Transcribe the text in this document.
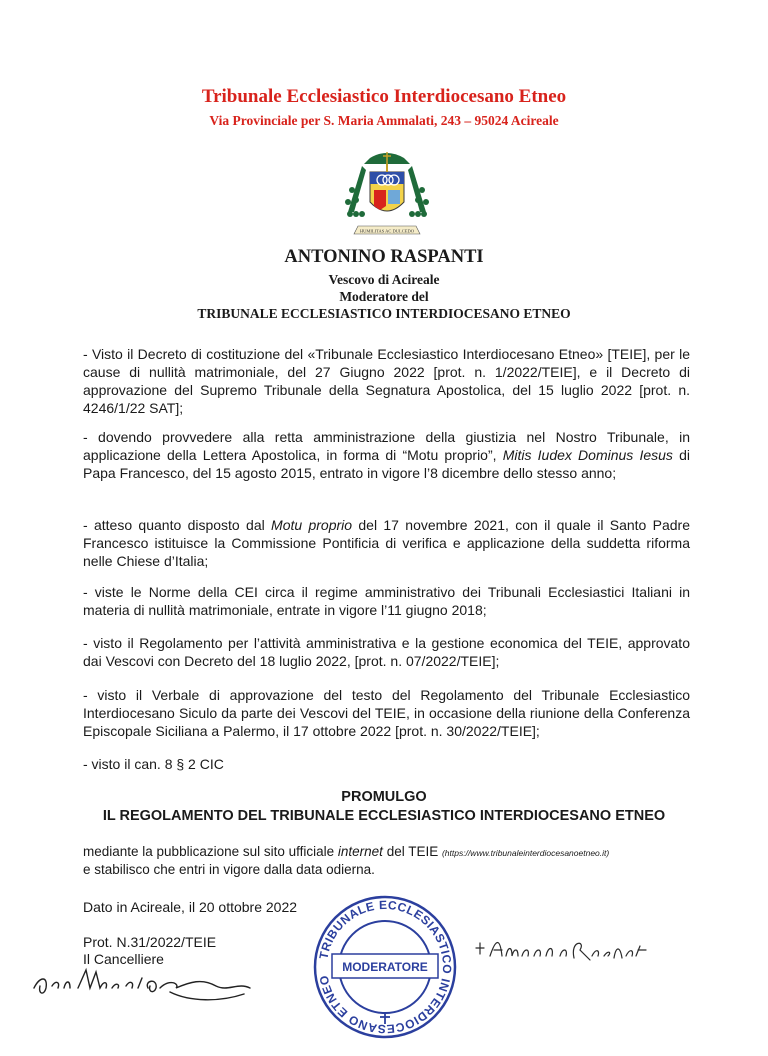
Tribunale Ecclesiastico Interdiocesano Etneo
Via Provinciale per S. Maria Ammalati, 243 – 95024 Acireale
HUMILITAS AC DULCEDO
ANTONINO RASPANTI
Vescovo di Acireale
Moderatore del
TRIBUNALE ECCLESIASTICO INTERDIOCESANO ETNEO
- Visto il Decreto di costituzione del «Tribunale Ecclesiastico Interdiocesano Etneo» [TEIE], per le cause di nullità matrimoniale, del 27 Giugno 2022 [prot. n. 1/2022/TEIE], e il Decreto di approvazione del Supremo Tribunale della Segnatura Apostolica, del 15 luglio 2022 [prot. n. 4246/1/22 SAT];
- dovendo provvedere alla retta amministrazione della giustizia nel Nostro Tribunale, in applicazione della Lettera Apostolica, in forma di “Motu proprio”, Mitis Iudex Dominus Iesus di Papa Francesco, del 15 agosto 2015, entrato in vigore l’8 dicembre dello stesso anno;
- atteso quanto disposto dal Motu proprio del 17 novembre 2021, con il quale il Santo Padre Francesco istituisce la Commissione Pontificia di verifica e applicazione della suddetta riforma nelle Chiese d’Italia;
- viste le Norme della CEI circa il regime amministrativo dei Tribunali Ecclesiastici Italiani in materia di nullità matrimoniale, entrate in vigore l’11 giugno 2018;
- visto il Regolamento per l’attività amministrativa e la gestione economica del TEIE, approvato dai Vescovi con Decreto del 18 luglio 2022, [prot. n. 07/2022/TEIE];
- visto il Verbale di approvazione del testo del Regolamento del Tribunale Ecclesiastico Interdiocesano Siculo da parte dei Vescovi del TEIE, in occasione della riunione della Conferenza Episcopale Siciliana a Palermo, il 17 ottobre 2022 [prot. n. 30/2022/TEIE];
- visto il can. 8 § 2 CIC
PROMULGO
IL REGOLAMENTO DEL TRIBUNALE ECCLESIASTICO INTERDIOCESANO ETNEO
mediante la pubblicazione sul sito ufficiale internet del TEIE (https://www.tribunaleinterdiocesanoetneo.it)
e stabilisco che entri in vigore dalla data odierna.
Dato in Acireale, il 20 ottobre 2022
Prot. N.31/2022/TEIE
Il Cancelliere	TRIBUNALE ECCLESIASTICO INTERDIOCESANO ETNEO
MODERATORE
